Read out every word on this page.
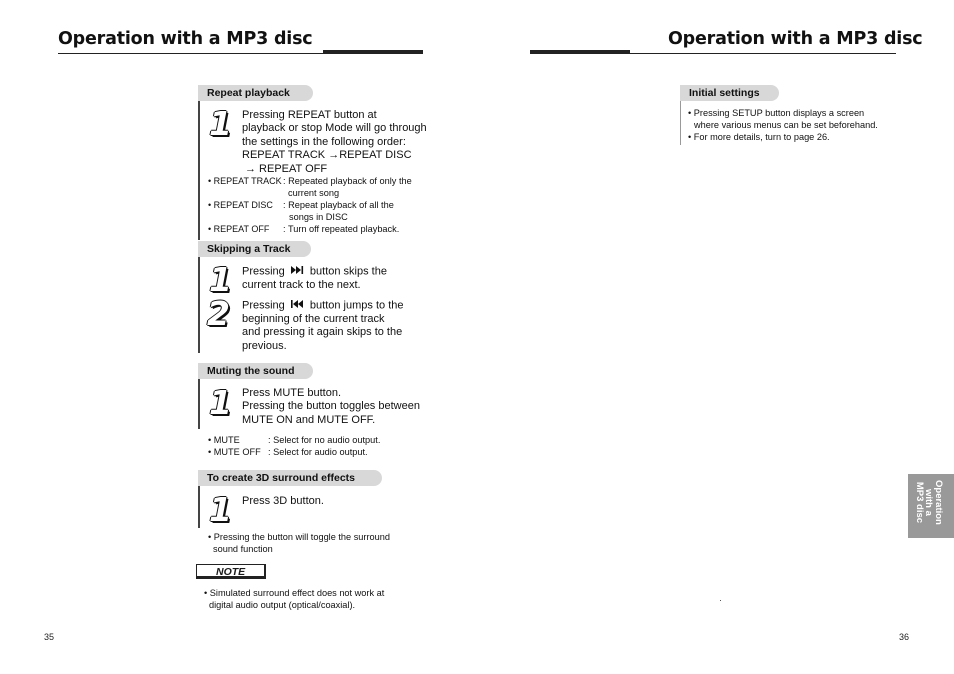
Operation with a MP3 disc
Repeat playback
1 Pressing REPEAT button at
playback or stop Mode will go through
the settings in the following order:
REPEAT TRACK →REPEAT DISC
→ REPEAT OFF
• REPEAT TRACK : Repeated playback of only the
current song
• REPEAT DISC : Repeat playback of all the
songs in DISC
• REPEAT OFF : Turn off repeated playback.
Skipping a Track
1 Pressing button skips the
current track to the next.
2 Pressing button jumps to the
beginning of the current track
and pressing it again skips to the
previous.
Muting the sound
1 Press MUTE button.
Pressing the button toggles between
MUTE ON and MUTE OFF.
• MUTE	: Select for no audio output.
• MUTE OFF : Select for audio output.
To create 3D surround effects
1 Press 3D button.
• Pressing the button will toggle the surround
sound function
NOTE
• Simulated surround effect does not work at
digital audio output (optical/coaxial).
35
Operation with a MP3 disc
Initial settings
• Pressing SETUP button displays a screen
where various menus can be set beforehand.
• For more details, turn to page 26.
Operation
with a
MP3 disc
36
